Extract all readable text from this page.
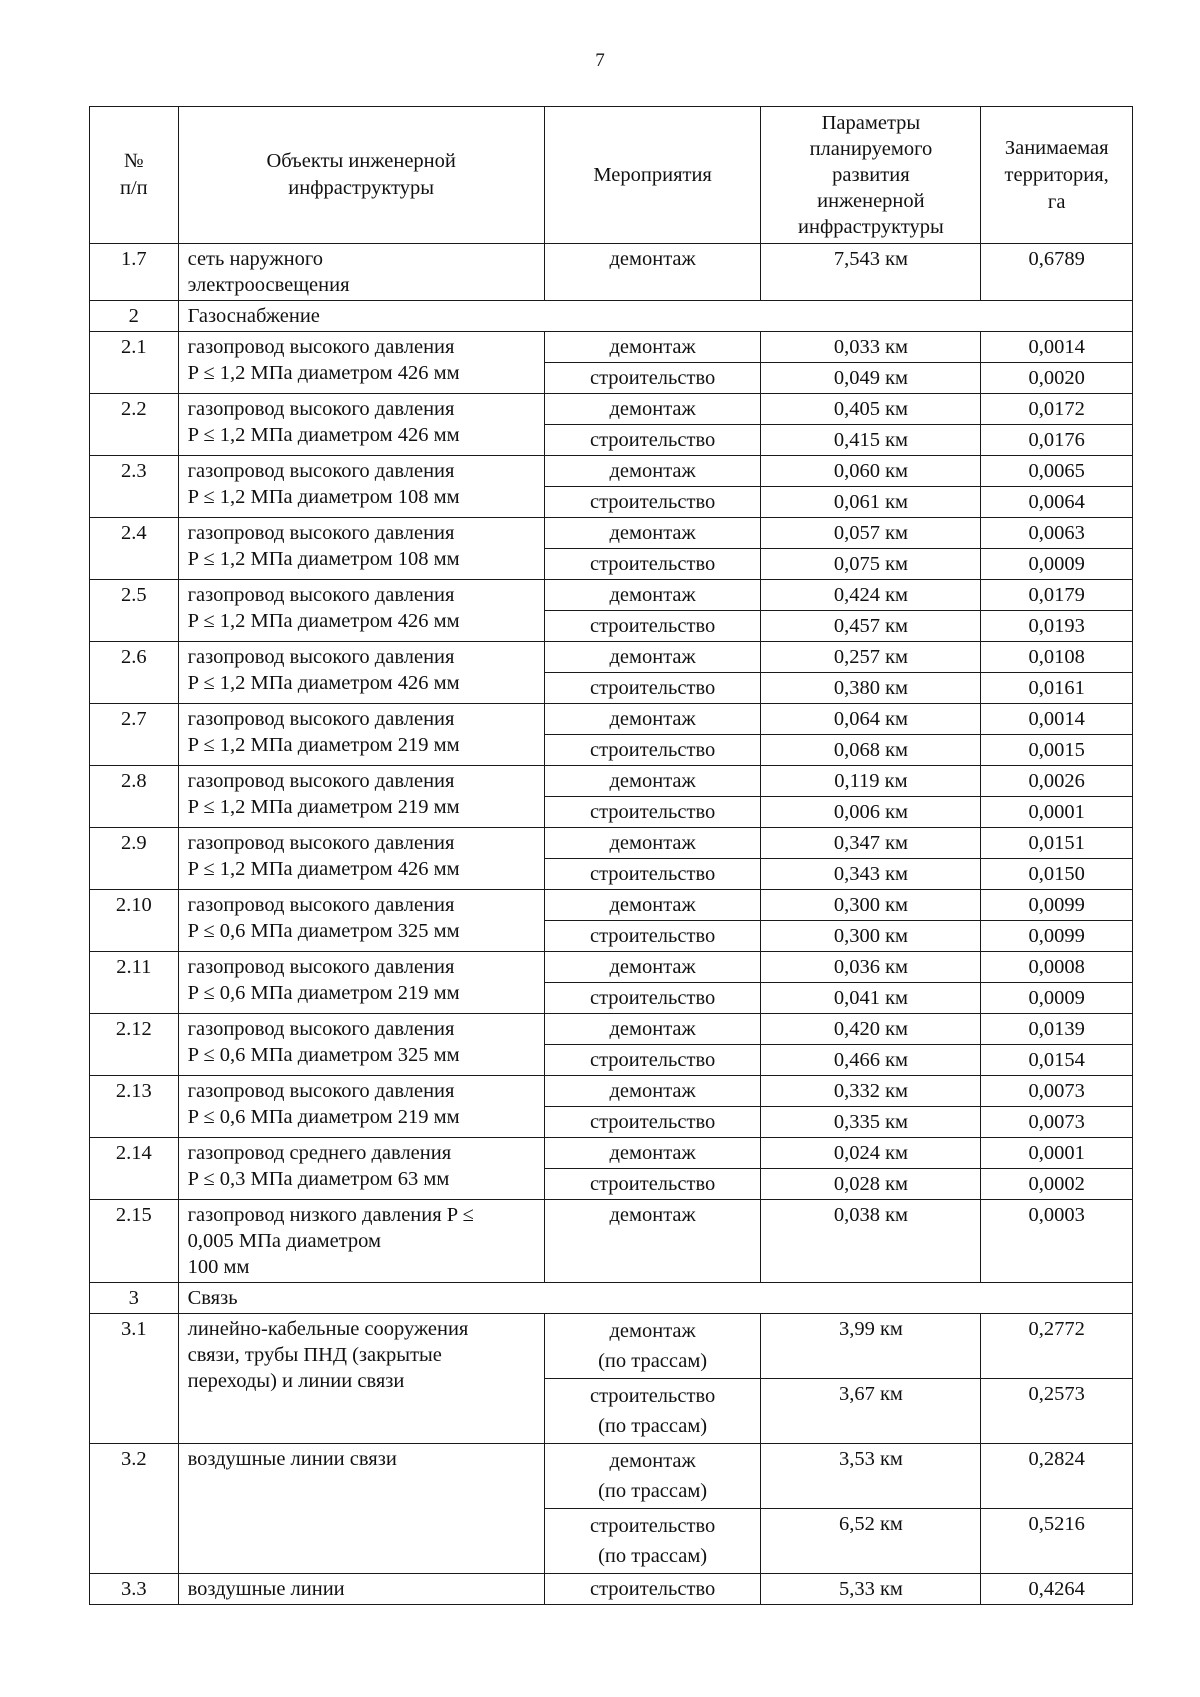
7
№
п/п	Объекты инженерной
инфраструктуры	Мероприятия	Параметры
планируемого
развития
инженерной
инфраструктуры	Занимаемая
территория,
га
1.7	сеть наружного
электроосвещения	демонтаж	7,543 км	0,6789
2	Газоснабжение			
2.1	газопровод высокого давления
P ≤ 1,2 МПа диаметром 426 мм	демонтаж	0,033 км	0,0014
		строительство	0,049 км	0,0020
2.2	газопровод высокого давления
P ≤ 1,2 МПа диаметром 426 мм	демонтаж	0,405 км	0,0172
		строительство	0,415 км	0,0176
2.3	газопровод высокого давления
P ≤ 1,2 МПа диаметром 108 мм	демонтаж	0,060 км	0,0065
		строительство	0,061 км	0,0064
2.4	газопровод высокого давления
P ≤ 1,2 МПа диаметром 108 мм	демонтаж	0,057 км	0,0063
		строительство	0,075 км	0,0009
2.5	газопровод высокого давления
P ≤ 1,2 МПа диаметром 426 мм	демонтаж	0,424 км	0,0179
		строительство	0,457 км	0,0193
2.6	газопровод высокого давления
P ≤ 1,2 МПа диаметром 426 мм	демонтаж	0,257 км	0,0108
		строительство	0,380 км	0,0161
2.7	газопровод высокого давления
P ≤ 1,2 МПа диаметром 219 мм	демонтаж	0,064 км	0,0014
		строительство	0,068 км	0,0015
2.8	газопровод высокого давления
P ≤ 1,2 МПа диаметром 219 мм	демонтаж	0,119 км	0,0026
		строительство	0,006 км	0,0001
2.9	газопровод высокого давления
P ≤ 1,2 МПа диаметром 426 мм	демонтаж	0,347 км	0,0151
		строительство	0,343 км	0,0150
2.10	газопровод высокого давления
P ≤ 0,6 МПа диаметром 325 мм	демонтаж	0,300 км	0,0099
		строительство	0,300 км	0,0099
2.11	газопровод высокого давления
P ≤ 0,6 МПа диаметром 219 мм	демонтаж	0,036 км	0,0008
		строительство	0,041 км	0,0009
2.12	газопровод высокого давления
P ≤ 0,6 МПа диаметром 325 мм	демонтаж	0,420 км	0,0139
		строительство	0,466 км	0,0154
2.13	газопровод высокого давления
P ≤ 0,6 МПа диаметром 219 мм	демонтаж	0,332 км	0,0073
		строительство	0,335 км	0,0073
2.14	газопровод среднего давления
P ≤ 0,3 МПа диаметром 63 мм	демонтаж	0,024 км	0,0001
		строительство	0,028 км	0,0002
2.15	газопровод низкого давления P ≤
0,005 МПа диаметром
100 мм	демонтаж	0,038 км	0,0003
3	Связь			
3.1	линейно-кабельные сооружения
связи, трубы ПНД (закрытые
переходы) и линии связи	демонтаж
(по трассам)	3,99 км	0,2772
		строительство
(по трассам)	3,67 км	0,2573
3.2	воздушные линии связи	демонтаж
(по трассам)	3,53 км	0,2824
		строительство
(по трассам)	6,52 км	0,5216
3.3	воздушные линии	строительство	5,33 км	0,4264
